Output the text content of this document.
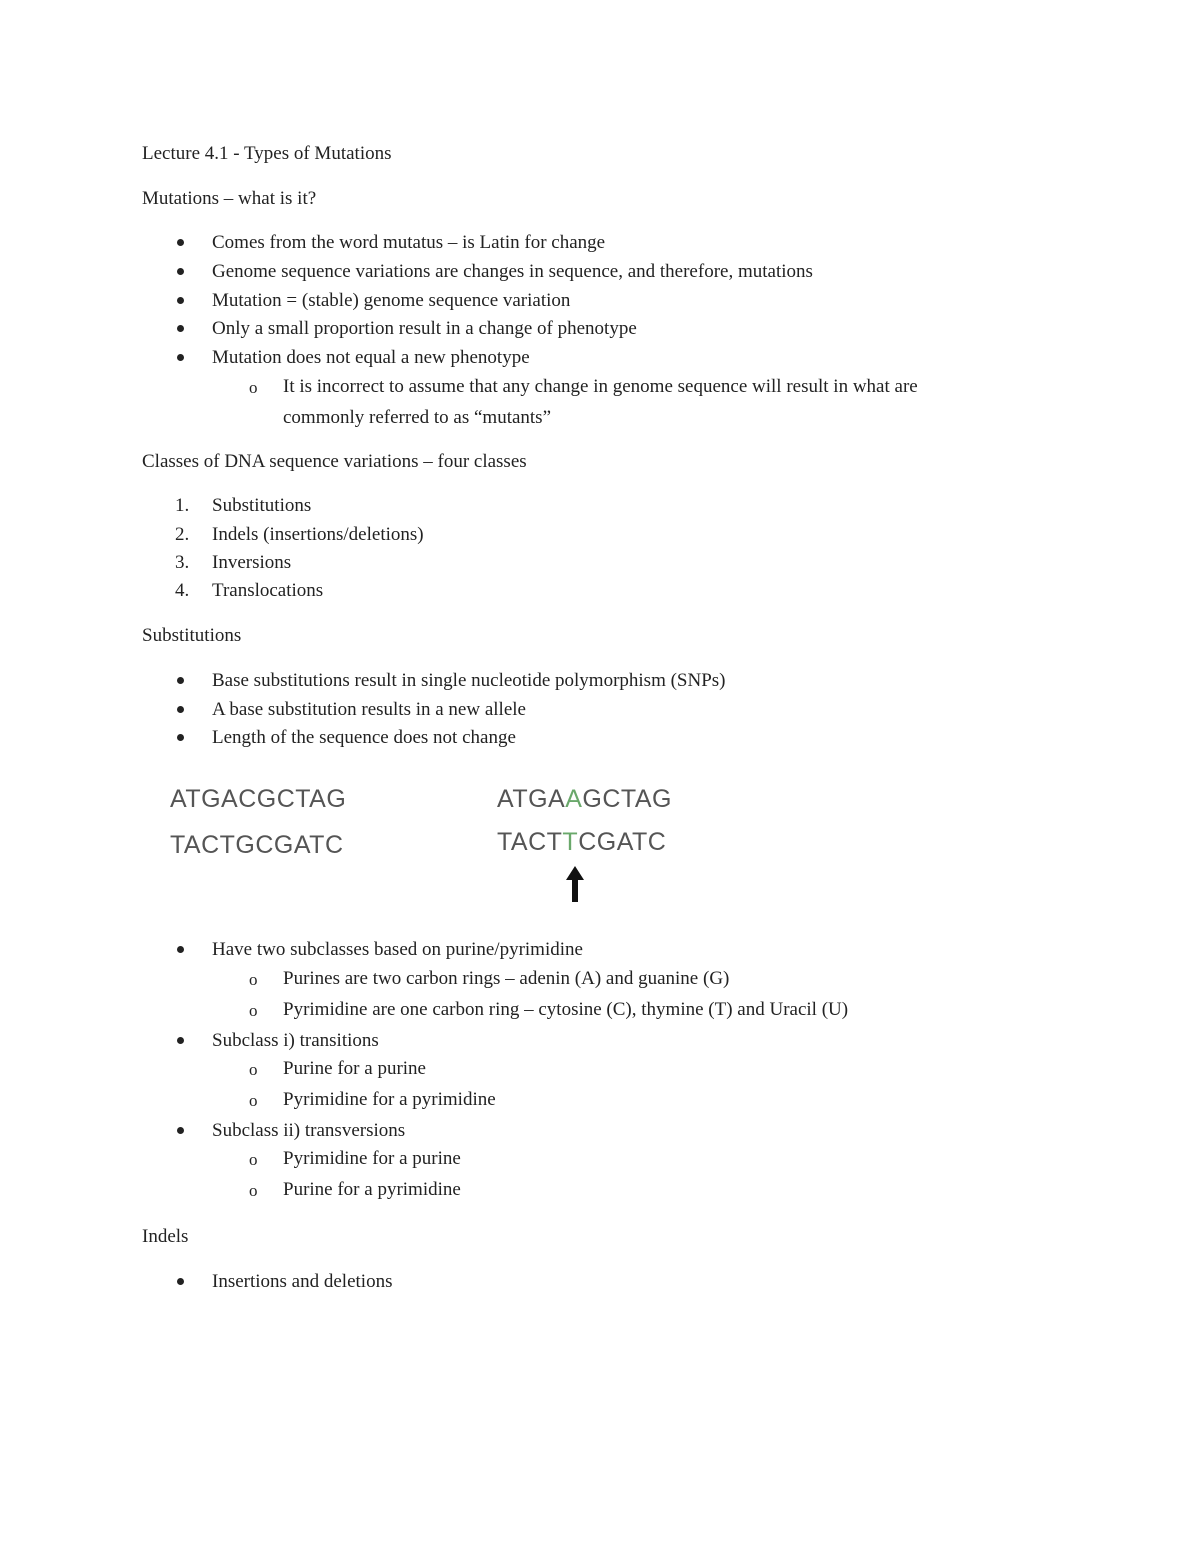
Lecture 4.1 - Types of Mutations
Mutations – what is it?
Comes from the word mutatus – is Latin for change
Genome sequence variations are changes in sequence, and therefore, mutations
Mutation = (stable) genome sequence variation
Only a small proportion result in a change of phenotype
Mutation does not equal a new phenotype
o It is incorrect to assume that any change in genome sequence will result in what are
commonly referred to as “mutants”
Classes of DNA sequence variations – four classes
1. Substitutions
2. Indels (insertions/deletions)
3. Inversions
4. Translocations
Substitutions
Base substitutions result in single nucleotide polymorphism (SNPs)
A base substitution results in a new allele
Length of the sequence does not change
ATGACGCTAG
TACTGCGATC
ATGAAGCTAG
TACTTCGATC
Have two subclasses based on purine/pyrimidine
o Purines are two carbon rings – adenin (A) and guanine (G)
o Pyrimidine are one carbon ring – cytosine (C), thymine (T) and Uracil (U)
Subclass i) transitions
o Purine for a purine
o Pyrimidine for a pyrimidine
Subclass ii) transversions
o Pyrimidine for a purine
o Purine for a pyrimidine
Indels
Insertions and deletions
